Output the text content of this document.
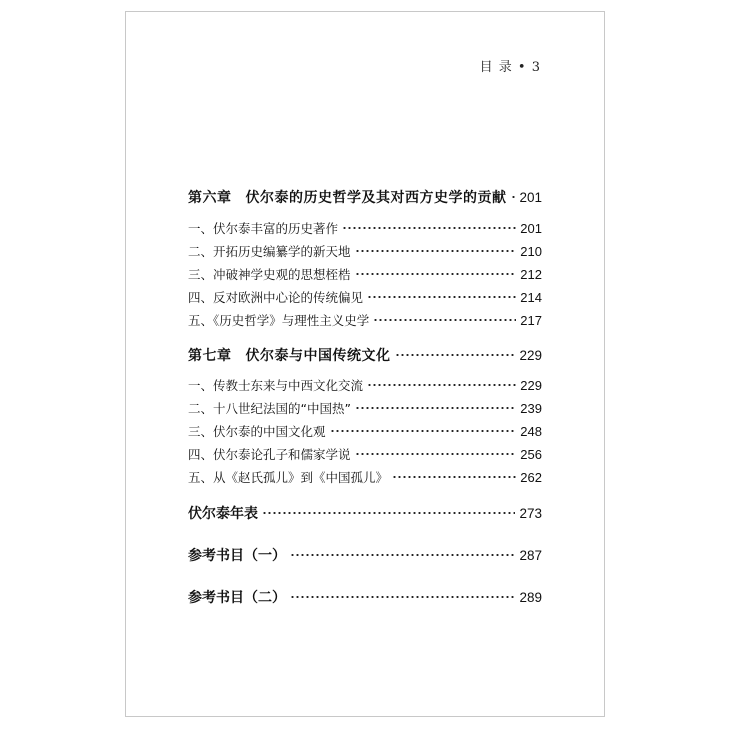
目 录 • 3
第六章 伏尔泰的历史哲学及其对西方史学的贡献 201
一、伏尔泰丰富的历史著作	201
二、开拓历史编纂学的新天地	210
三、冲破神学史观的思想桎梏	212
四、反对欧洲中心论的传统偏见	214
五、《历史哲学》与理性主义史学	217
第七章 伏尔泰与中国传统文化	229
一、传教士东来与中西文化交流	229
二、十八世纪法国的“中国热”	239
三、伏尔泰的中国文化观	248
四、伏尔泰论孔子和儒家学说	256
五、从《赵氏孤儿》到《中国孤儿》	262
伏尔泰年表	273
参考书目（一）	287
参考书目（二）	289
